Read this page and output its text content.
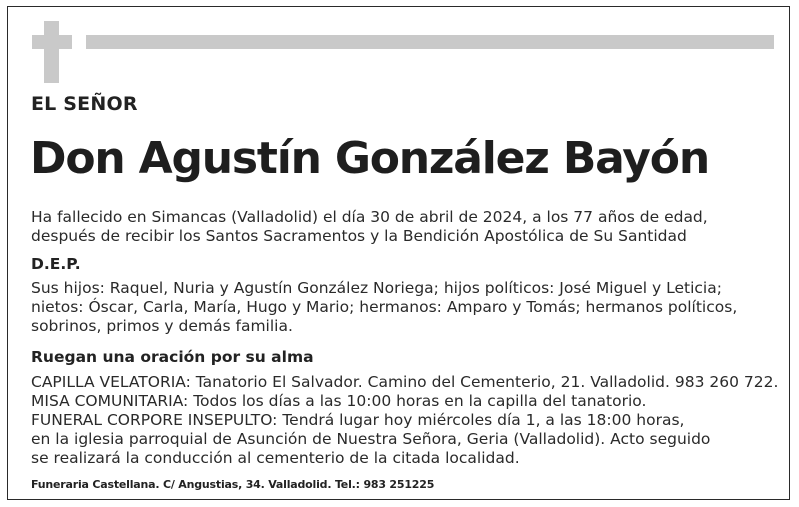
EL SEÑOR
Don Agustín González Bayón

Ha fallecido en Simancas (Valladolid) el día 30 de abril de 2024, a los 77 años de edad,

después de recibir los Santos Sacramentos y la Bendición Apostólica de Su Santidad

D.E.P.

Sus hijos: Raquel, Nuria y Agustín González Noriega; hijos políticos: José Miguel y Leticia;

nietos: Óscar, Carla, María, Hugo y Mario; hermanos: Amparo y Tomás; hermanos políticos,

sobrinos, primos y demás familia.

Ruegan una oración por su alma

CAPILLA VELATORIA: Tanatorio El Salvador. Camino del Cementerio, 21. Valladolid. 983 260 722.

MISA COMUNITARIA: Todos los días a las 10:00 horas en la capilla del tanatorio.

FUNERAL CORPORE INSEPULTO: Tendrá lugar hoy miércoles día 1, a las 18:00 horas,

en la iglesia parroquial de Asunción de Nuestra Señora, Geria (Valladolid). Acto seguido

se realizará la conducción al cementerio de la citada localidad.

Funeraria Castellana. C/ Angustias, 34. Valladolid. Tel.: 983 251225
